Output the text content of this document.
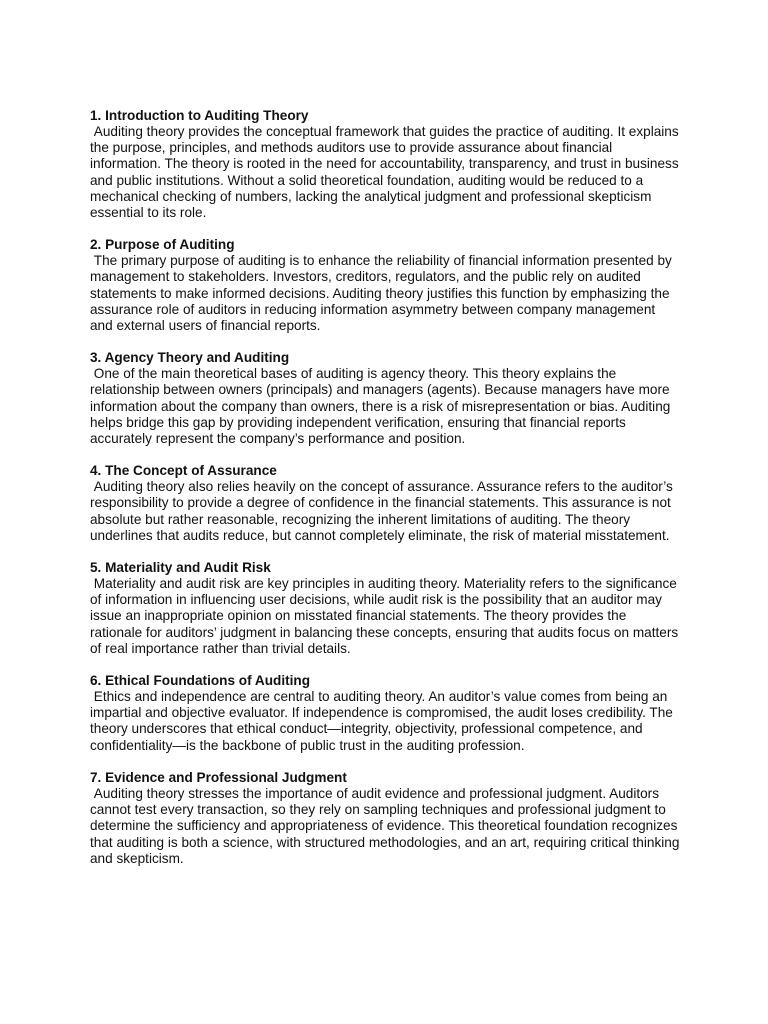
1. Introduction to Auditing Theory

Auditing theory provides the conceptual framework that guides the practice of auditing. It explains the purpose, principles, and methods auditors use to provide assurance about financial information. The theory is rooted in the need for accountability, transparency, and trust in business and public institutions. Without a solid theoretical foundation, auditing would be reduced to a mechanical checking of numbers, lacking the analytical judgment and professional skepticism essential to its role.

2. Purpose of Auditing

The primary purpose of auditing is to enhance the reliability of financial information presented by management to stakeholders. Investors, creditors, regulators, and the public rely on audited statements to make informed decisions. Auditing theory justifies this function by emphasizing the assurance role of auditors in reducing information asymmetry between company management and external users of financial reports.

3. Agency Theory and Auditing

One of the main theoretical bases of auditing is agency theory. This theory explains the relationship between owners (principals) and managers (agents). Because managers have more information about the company than owners, there is a risk of misrepresentation or bias. Auditing helps bridge this gap by providing independent verification, ensuring that financial reports accurately represent the company’s performance and position.

4. The Concept of Assurance

Auditing theory also relies heavily on the concept of assurance. Assurance refers to the auditor’s responsibility to provide a degree of confidence in the financial statements. This assurance is not absolute but rather reasonable, recognizing the inherent limitations of auditing. The theory underlines that audits reduce, but cannot completely eliminate, the risk of material misstatement.

5. Materiality and Audit Risk

Materiality and audit risk are key principles in auditing theory. Materiality refers to the significance of information in influencing user decisions, while audit risk is the possibility that an auditor may issue an inappropriate opinion on misstated financial statements. The theory provides the rationale for auditors’ judgment in balancing these concepts, ensuring that audits focus on matters of real importance rather than trivial details.

6. Ethical Foundations of Auditing

Ethics and independence are central to auditing theory. An auditor’s value comes from being an impartial and objective evaluator. If independence is compromised, the audit loses credibility. The theory underscores that ethical conduct—integrity, objectivity, professional competence, and confidentiality—is the backbone of public trust in the auditing profession.

7. Evidence and Professional Judgment

Auditing theory stresses the importance of audit evidence and professional judgment. Auditors cannot test every transaction, so they rely on sampling techniques and professional judgment to determine the sufficiency and appropriateness of evidence. This theoretical foundation recognizes that auditing is both a science, with structured methodologies, and an art, requiring critical thinking and skepticism.
